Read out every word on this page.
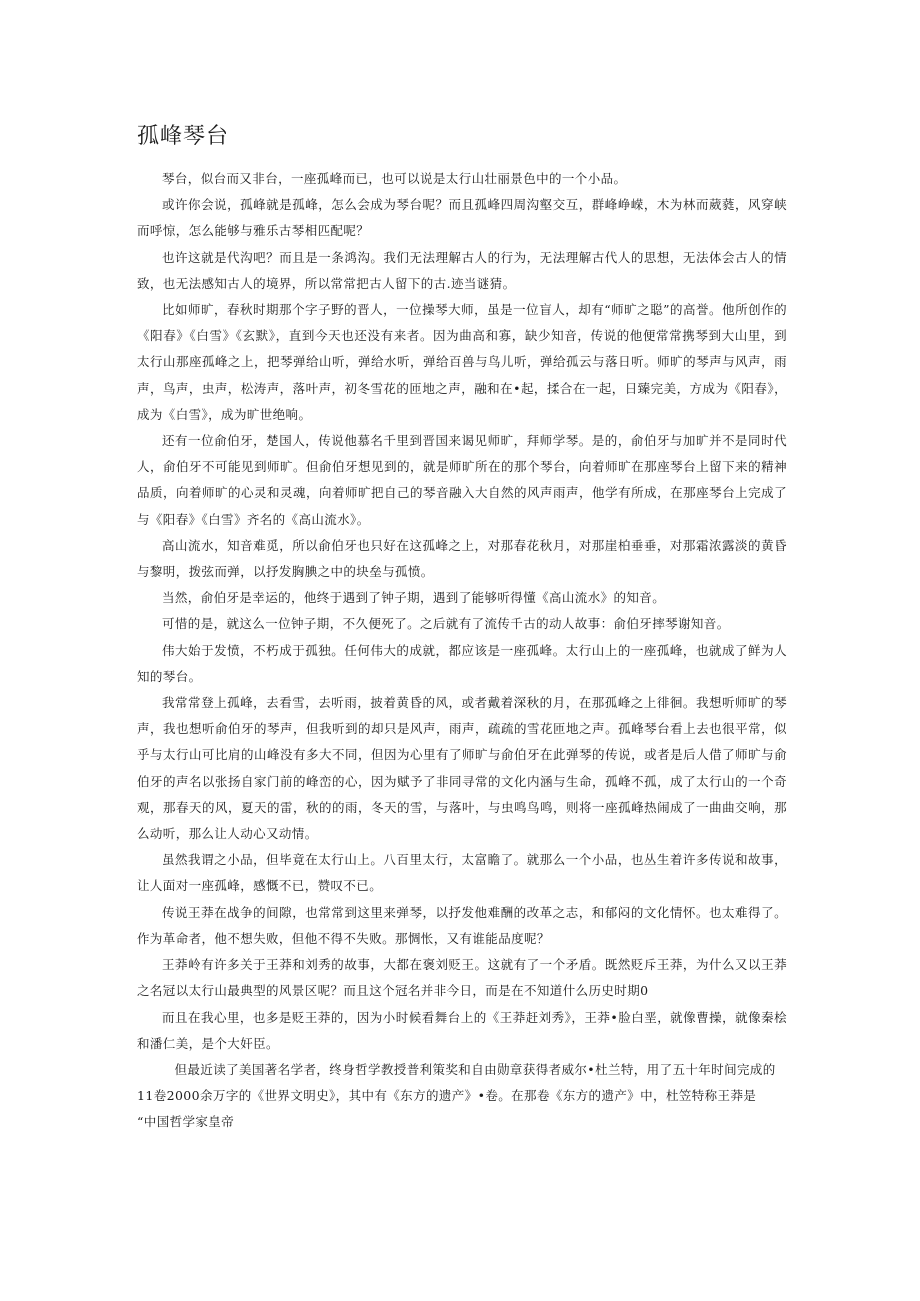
孤峰琴台

琴台，似台而又非台，一座孤峰而已，也可以说是太行山壮丽景色中的一个小品。

或许你会说，孤峰就是孤峰，怎么会成为琴台呢？而且孤峰四周沟壑交互，群峰峥嵘，木为林而葳蕤，风穿峡而呼惊，怎么能够与雅乐古琴相匹配呢？

也许这就是代沟吧？而且是一条鸿沟。我们无法理解古人的行为，无法理解古代人的思想，无法体会古人的情致，也无法感知古人的境界，所以常常把古人留下的古.迹当谜猜。

比如师旷，春秋时期那个字子野的晋人，一位操琴大师，虽是一位盲人，却有“师旷之聪”的高誉。他所创作的《阳春》《白雪》《玄默》，直到今天也还没有来者。因为曲高和寡，缺少知音，传说的他便常常携琴到大山里，到太行山那座孤峰之上，把琴弹给山听，弹给水听，弹给百兽与鸟儿听，弹给孤云与落日听。师旷的琴声与风声，雨声，鸟声，虫声，松涛声，落叶声，初冬雪花的匝地之声，融和在•起，揉合在一起，日臻完美，方成为《阳春》，成为《白雪》，成为旷世绝响。

还有一位俞伯牙，楚国人，传说他慕名千里到晋国来谒见师旷，拜师学琴。是的，俞伯牙与加旷并不是同时代人，俞伯牙不可能见到师旷。但俞伯牙想见到的，就是师旷所在的那个琴台，向着师旷在那座琴台上留下来的精神品质，向着师旷的心灵和灵魂，向着师旷把自己的琴音融入大自然的风声雨声，他学有所成，在那座琴台上完成了与《阳春》《白雪》齐名的《高山流水》。

高山流水，知音难觅，所以俞伯牙也只好在这孤峰之上，对那春花秋月，对那崖柏垂垂，对那霜浓露淡的黄昏与黎明，拨弦而弹，以抒发胸腆之中的块垒与孤愤。

当然，俞伯牙是幸运的，他终于遇到了钟子期，遇到了能够听得懂《高山流水》的知音。

可惜的是，就这么一位钟子期，不久便死了。之后就有了流传千古的动人故事：俞伯牙摔琴谢知音。

伟大始于发愤，不朽成于孤独。任何伟大的成就，都应该是一座孤峰。太行山上的一座孤峰，也就成了鲜为人知的琴台。

我常常登上孤峰，去看雪，去听雨，披着黄昏的风，或者戴着深秋的月，在那孤峰之上徘徊。我想听师旷的琴声，我也想听俞伯牙的琴声，但我听到的却只是风声，雨声，疏疏的雪花匝地之声。孤峰琴台看上去也很平常，似乎与太行山可比肩的山峰没有多大不同，但因为心里有了师旷与俞伯牙在此弹琴的传说，或者是后人借了师旷与俞伯牙的声名以张扬自家门前的峰峦的心，因为赋予了非同寻常的文化内涵与生命，孤峰不孤，成了太行山的一个奇观，那春天的风，夏天的雷，秋的的雨，冬天的雪，与落叶，与虫鸣鸟鸣，则将一座孤峰热闹成了一曲曲交响，那么动听，那么让人动心又动情。

虽然我谓之小品，但毕竟在太行山上。八百里太行，太富瞻了。就那么一个小品，也丛生着许多传说和故事，让人面对一座孤峰，感慨不已，赞叹不已。

传说王莽在战争的间隙，也常常到这里来弹琴，以抒发他难酬的改革之志，和郁闷的文化情怀。也太难得了。作为革命者，他不想失败，但他不得不失败。那惆怅，又有谁能品度呢？

王莽岭有许多关于王莽和刘秀的故事，大都在褒刘贬王。这就有了一个矛盾。既然贬斥王莽，为什么又以王莽之名冠以太行山最典型的风景区呢？而且这个冠名并非今日，而是在不知道什么历史时期0

而且在我心里，也多是贬王莽的，因为小时候看舞台上的《王莽赶刘秀》，王莽•脸白垩，就像曹操，就像秦桧和潘仁美，是个大奸臣。

但最近读了美国著名学者，终身哲学教授普利策奖和自由勋章获得者威尔•杜兰特，用了五十年时间完成的

11卷2000余万字的《世界文明史》，其中有《东方的遗产》•卷。在那卷《东方的遗产》中，杜笠特称王莽是

“中国哲学家皇帝
